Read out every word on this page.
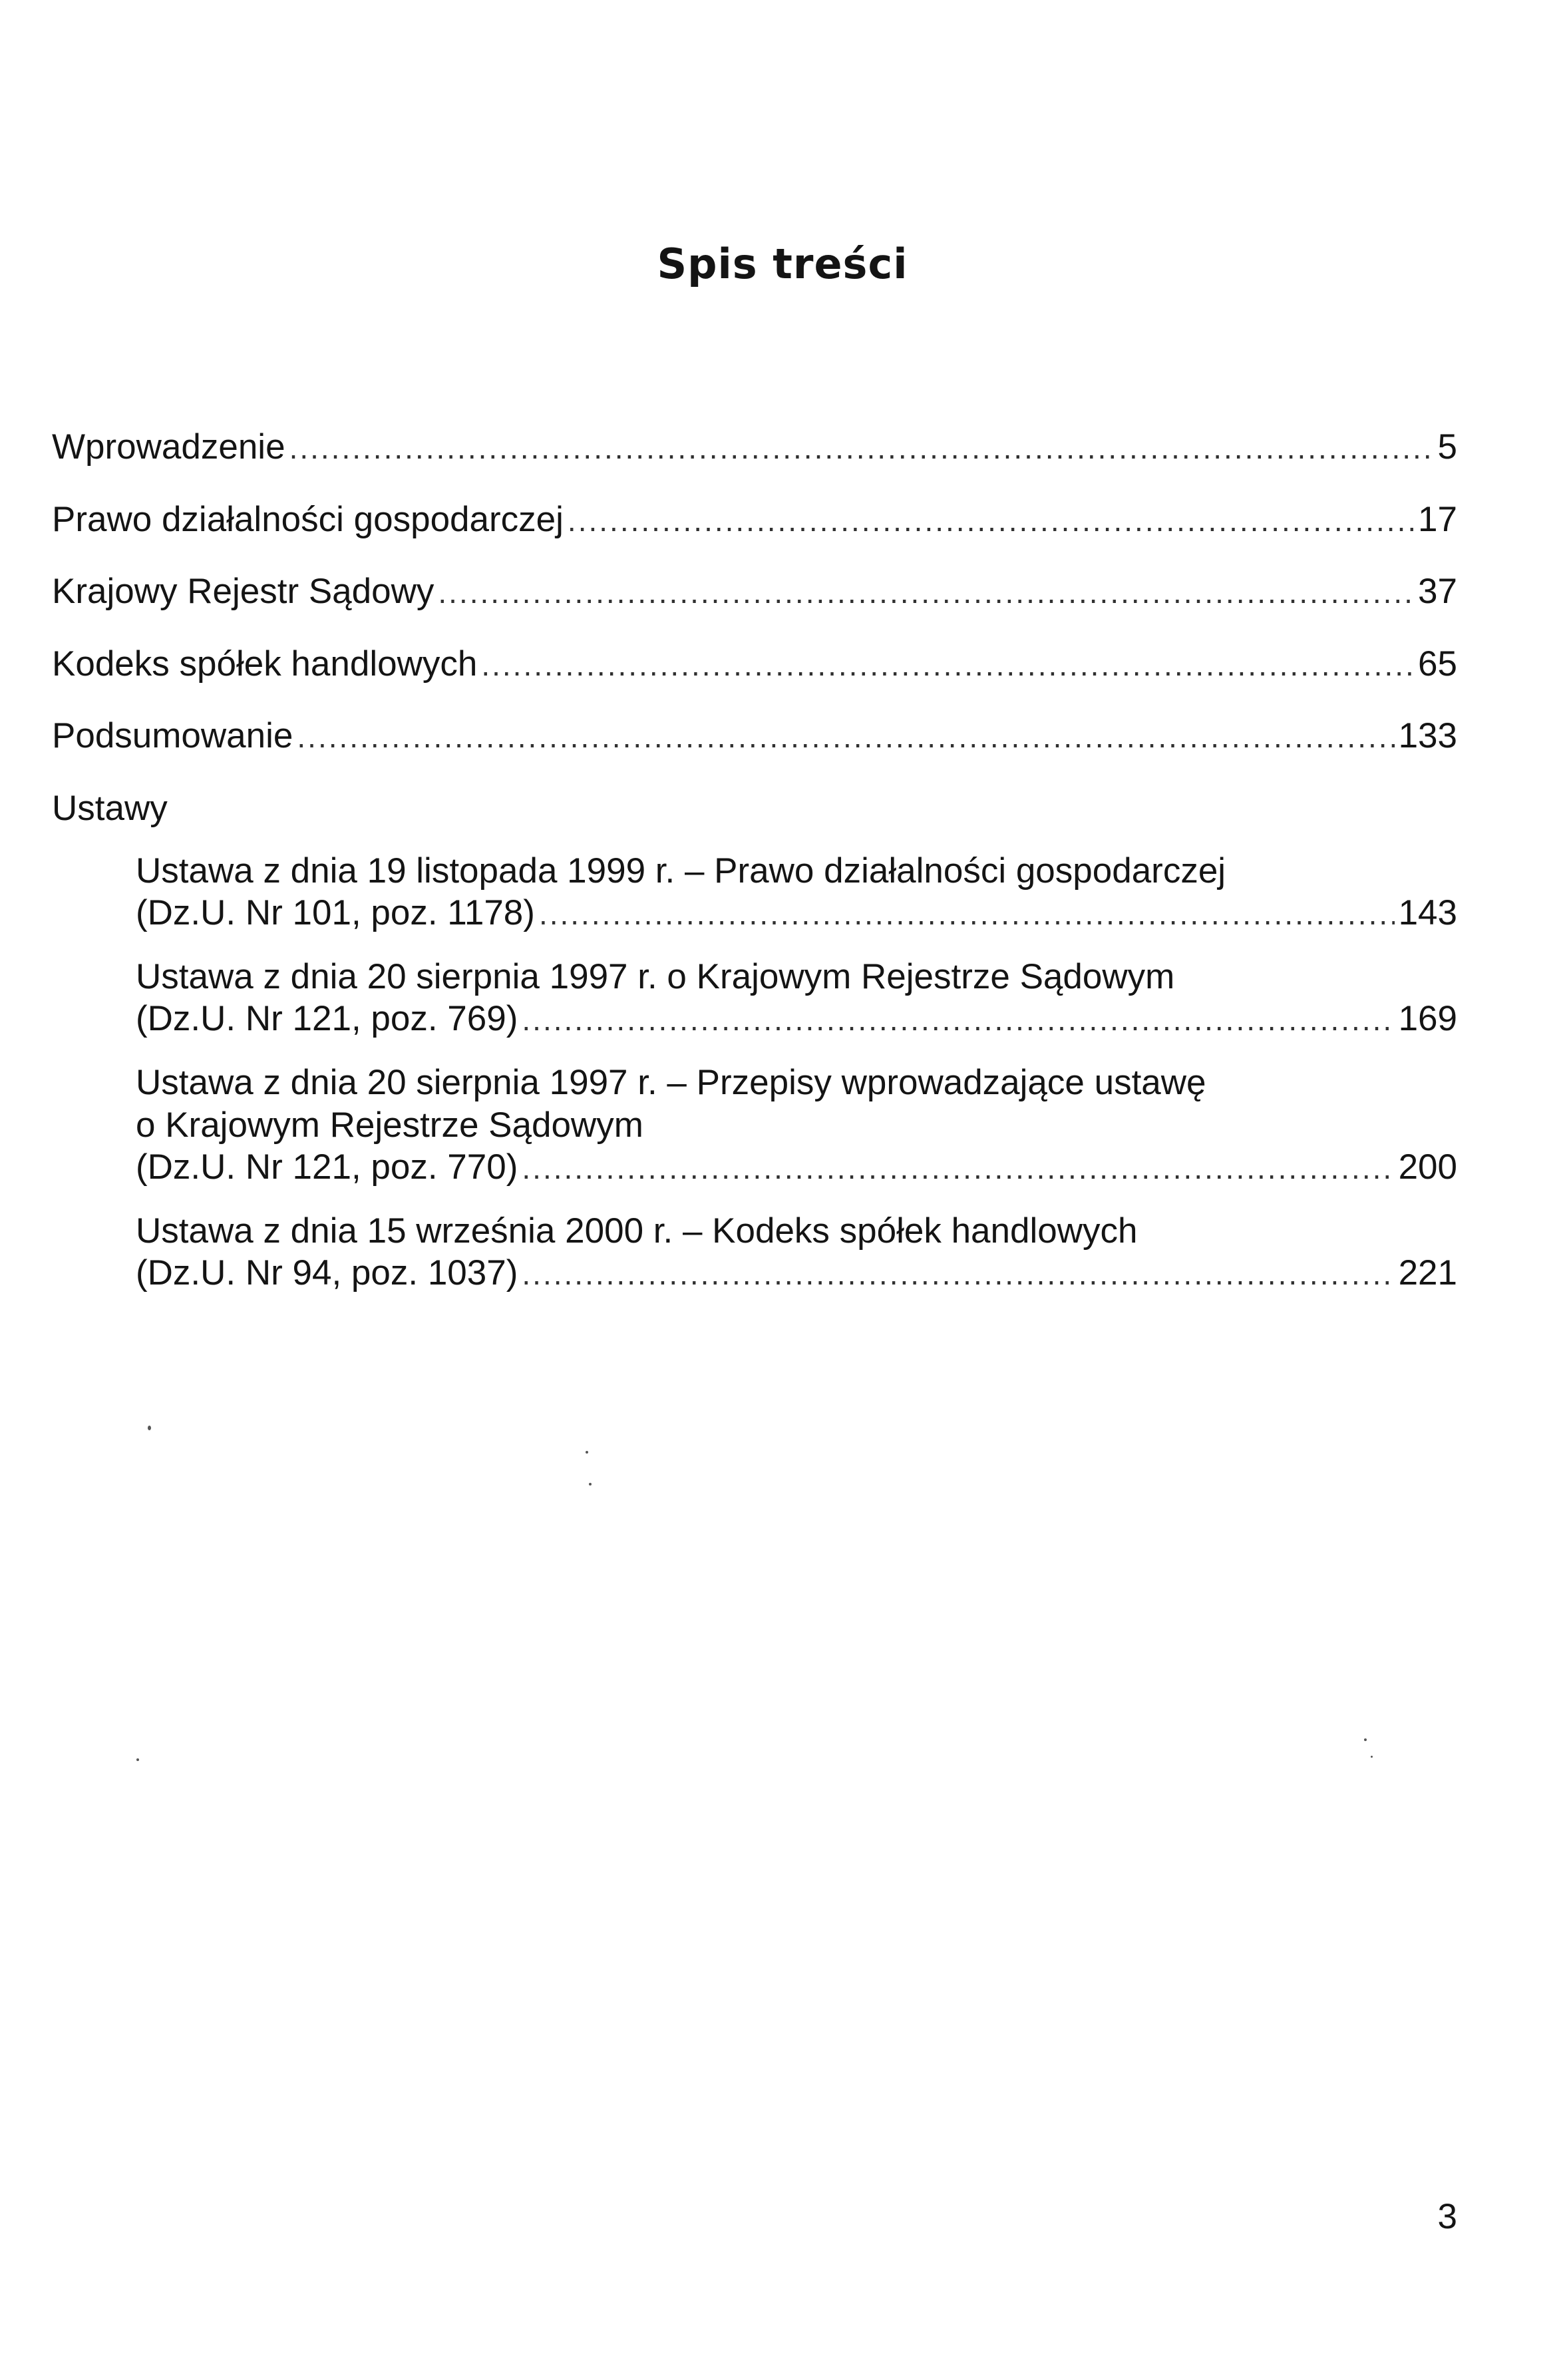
Spis treści
Wprowadzenie .....	5
Prawo działalności gospodarczej .....	17
Krajowy Rejestr Sądowy .....	37
Kodeks spółek handlowych .....	65
Podsumowanie .....	133
Ustawy
Ustawa z dnia 19 listopada 1999 r. – Prawo działalności gospodarczej
(Dz.U. Nr 101, poz. 1178) .....	143
Ustawa z dnia 20 sierpnia 1997 r. o Krajowym Rejestrze Sądowym
(Dz.U. Nr 121, poz. 769) .....	169
Ustawa z dnia 20 sierpnia 1997 r. – Przepisy wprowadzające ustawę
o Krajowym Rejestrze Sądowym
(Dz.U. Nr 121, poz. 770) .....	200
Ustawa z dnia 15 września 2000 r. – Kodeks spółek handlowych
(Dz.U. Nr 94, poz. 1037) .....	221
3
